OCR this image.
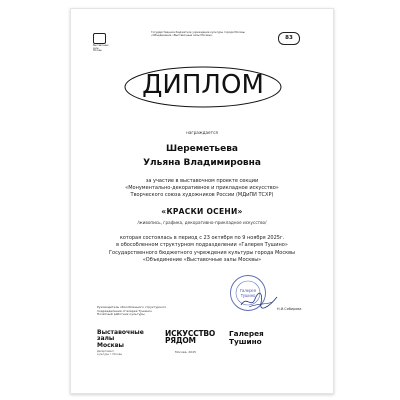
Выставочные
залы
Москвы
Государственное бюджетное учреждение культуры города Москвы «Объединение «Выставочные залы Москвы»	83
ДИПЛОМ
награждается
Шереметьева
Ульяна Владимировна
за участие в выставочном проекте секции
«Монументально-декоративное и прикладное искусство»
Творческого союза художников России (МДиПИ ТСХР)
«КРАСКИ ОСЕНИ»
/живопись, графика, декоративно-прикладное искусство/
которая состоялась в период с 23 октября по 9 ноября 2025г.
в обособленном структурном подразделении «Галерея Тушино»
Государственного бюджетного учреждения культуры города Москвы
«Объединение «Выставочные залы Москвы»
Руководитель обособленного структурного
подразделения «Галерея Тушино»
Почётный работник культуры
Галерея
Тушино
Н.И.Сибирова
Выставочные
залы
Москвы
Департамент
культуры г. Москвы
ИСКУССТВО
РЯДОМ
Галерея
Тушино
Москва, 2025
